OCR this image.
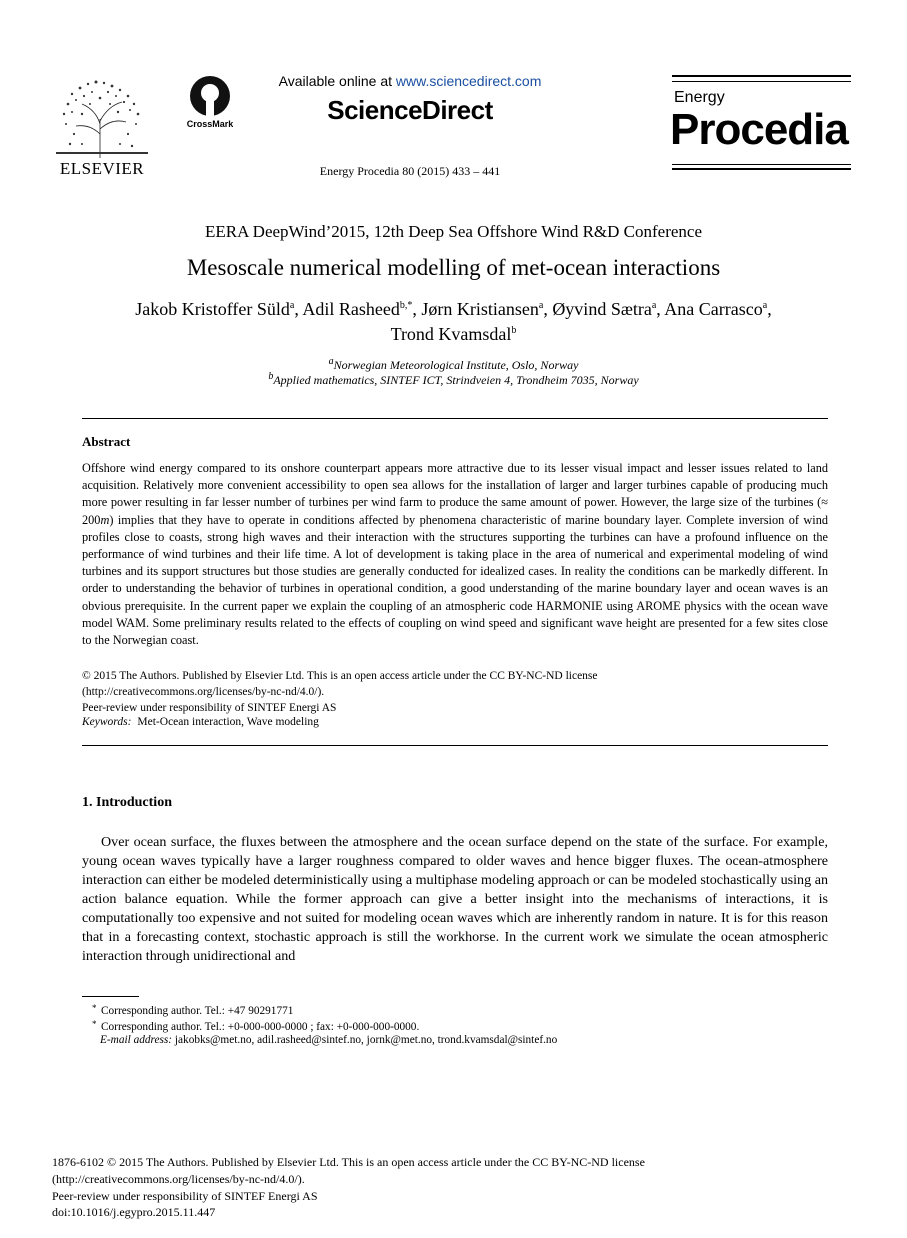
ELSEVIER
CrossMark
Available online at www.sciencedirect.com
ScienceDirect
Energy Procedia 80 (2015) 433 – 441
Energy
Procedia
EERA DeepWind’2015, 12th Deep Sea Offshore Wind R&D Conference
Mesoscale numerical modelling of met-ocean interactions
Jakob Kristoffer Süld$^a$, Adil Rasheed$^{b,*}$, Jørn Kristiansen$^a$, Øyvind Sætra$^a$, Ana Carrasco$^a$,
Trond Kvamsdal$^b$
$^a$Norwegian Meteorological Institute, Oslo, Norway
$^b$Applied mathematics, SINTEF ICT, Strindveien 4, Trondheim 7035, Norway
Abstract
Offshore wind energy compared to its onshore counterpart appears more attractive due to its lesser visual impact and lesser issues related to land acquisition. Relatively more convenient accessibility to open sea allows for the installation of larger and larger turbines capable of producing much more power resulting in far lesser number of turbines per wind farm to produce the same amount of power. However, the large size of the turbines (≈ 200m) implies that they have to operate in conditions affected by phenomena characteristic of marine boundary layer. Complete inversion of wind profiles close to coasts, strong high waves and their interaction with the structures supporting the turbines can have a profound influence on the performance of wind turbines and their life time. A lot of development is taking place in the area of numerical and experimental modeling of wind turbines and its support structures but those studies are generally conducted for idealized cases. In reality the conditions can be markedly different. In order to understanding the behavior of turbines in operational condition, a good understanding of the marine boundary layer and ocean waves is an obvious prerequisite. In the current paper we explain the coupling of an atmospheric code HARMONIE using AROME physics with the ocean wave model WAM. Some preliminary results related to the effects of coupling on wind speed and significant wave height are presented for a few sites close to the Norwegian coast.
© 2015 The Authors. Published by Elsevier Ltd. This is an open access article under the CC BY-NC-ND license
(http://creativecommons.org/licenses/by-nc-nd/4.0/).
Peer-review under responsibility of SINTEF Energi AS
Keywords: Met-Ocean interaction, Wave modeling
1. Introduction
Over ocean surface, the fluxes between the atmosphere and the ocean surface depend on the state of the surface. For example, young ocean waves typically have a larger roughness compared to older waves and hence bigger fluxes. The ocean-atmosphere interaction can either be modeled deterministically using a multiphase modeling approach or can be modeled stochastically using an action balance equation. While the former approach can give a better insight into the mechanisms of interactions, it is computationally too expensive and not suited for modeling ocean waves which are inherently random in nature. It is for this reason that in a forecasting context, stochastic approach is still the workhorse. In the current work we simulate the ocean atmospheric interaction through unidirectional and
* Corresponding author. Tel.: +47 90291771
* Corresponding author. Tel.: +0-000-000-0000 ; fax: +0-000-000-0000.
E-mail address: jakobks@met.no, adil.rasheed@sintef.no, jornk@met.no, trond.kvamsdal@sintef.no
1876-6102 © 2015 The Authors. Published by Elsevier Ltd. This is an open access article under the CC BY-NC-ND license
(http://creativecommons.org/licenses/by-nc-nd/4.0/).
Peer-review under responsibility of SINTEF Energi AS
doi:10.1016/j.egypro.2015.11.447
